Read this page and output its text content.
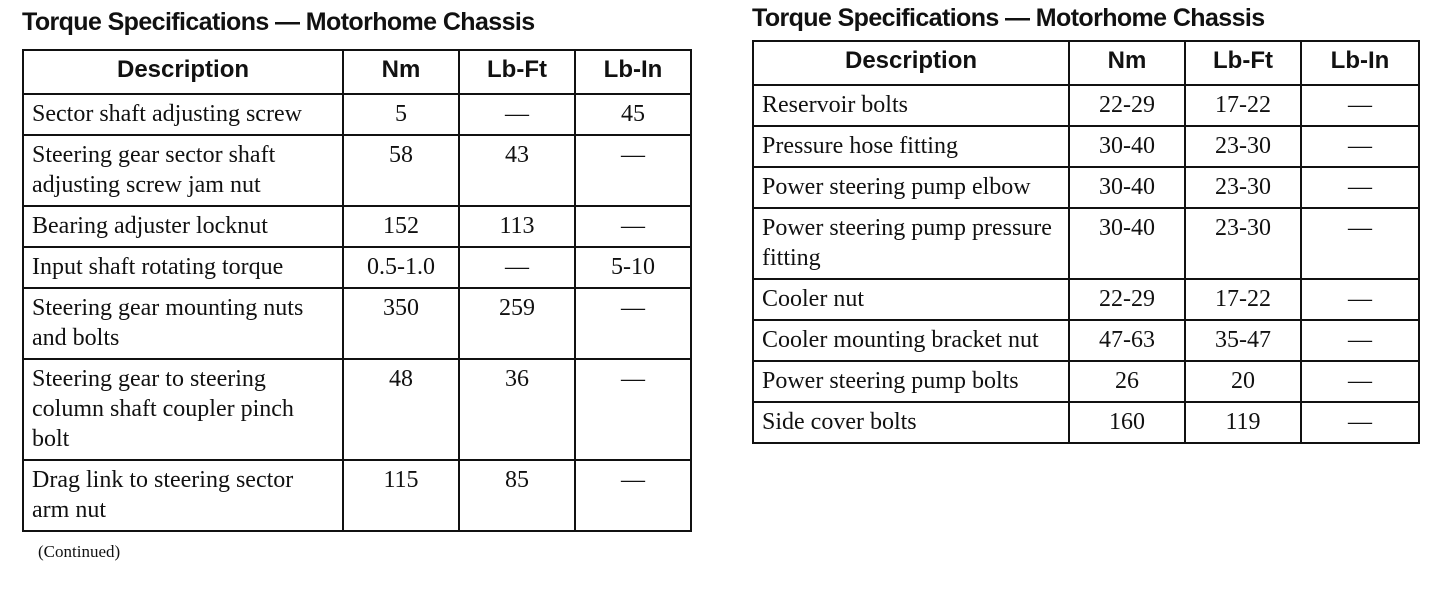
Torque Specifications — Motorhome Chassis
Description	Nm	Lb-Ft	Lb-In
Sector shaft adjusting screw	5	—	45
Steering gear sector shaft adjusting screw jam nut	58	43	—
Bearing adjuster locknut	152	113	—
Input shaft rotating torque	0.5-1.0	—	5-10
Steering gear mounting nuts and bolts	350	259	—
Steering gear to steering column shaft coupler pinch bolt	48	36	—
Drag link to steering sector arm nut	115	85	—
(Continued)
Torque Specifications — Motorhome Chassis
Description	Nm	Lb-Ft	Lb-In
Reservoir bolts	22-29	17-22	—
Pressure hose fitting	30-40	23-30	—
Power steering pump elbow	30-40	23-30	—
Power steering pump pressure fitting	30-40	23-30	—
Cooler nut	22-29	17-22	—
Cooler mounting bracket nut	47-63	35-47	—
Power steering pump bolts	26	20	—
Side cover bolts	160	119	—
